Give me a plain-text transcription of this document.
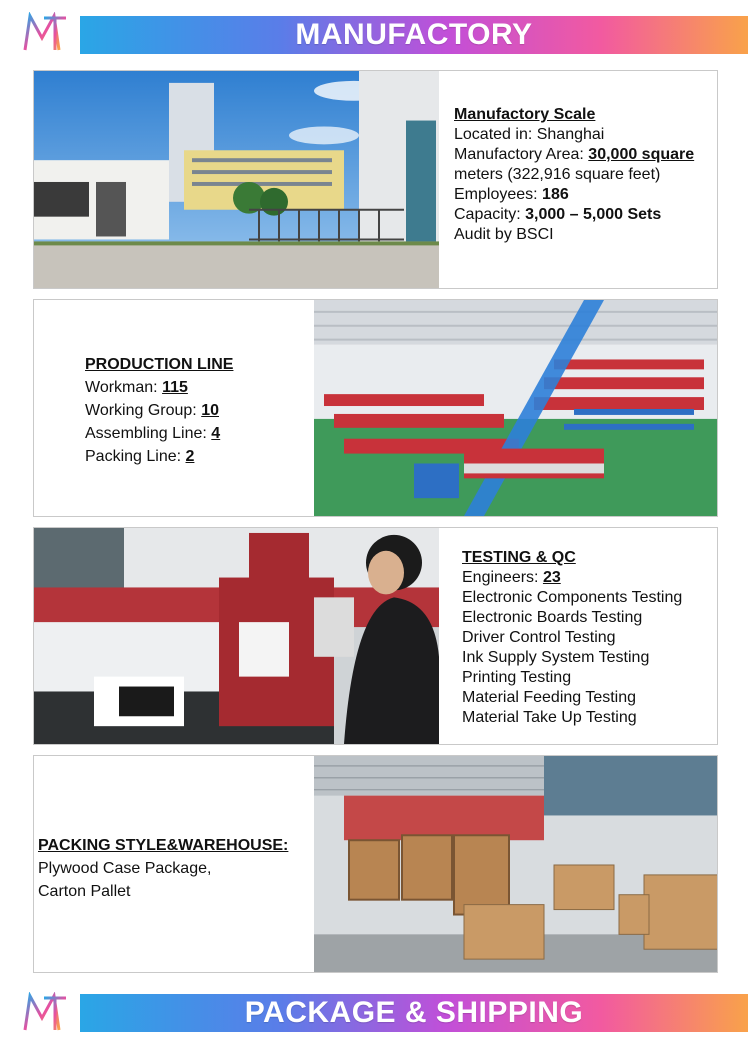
MANUFACTORY
Manufactory Scale
Located in: Shanghai
Manufactory Area: 30,000 square
meters (322,916 square feet)
Employees: 186
Capacity: 3,000 – 5,000 Sets
Audit by BSCI
PRODUCTION LINE
Workman: 115
Working Group: 10
Assembling Line: 4
Packing Line: 2
TESTING & QC
Engineers: 23
Electronic Components Testing
Electronic Boards Testing
Driver Control Testing
Ink Supply System Testing
Printing Testing
Material Feeding Testing
Material Take Up Testing
PACKING STYLE&WAREHOUSE:
Plywood Case Package,
Carton Pallet
PACKAGE & SHIPPING
